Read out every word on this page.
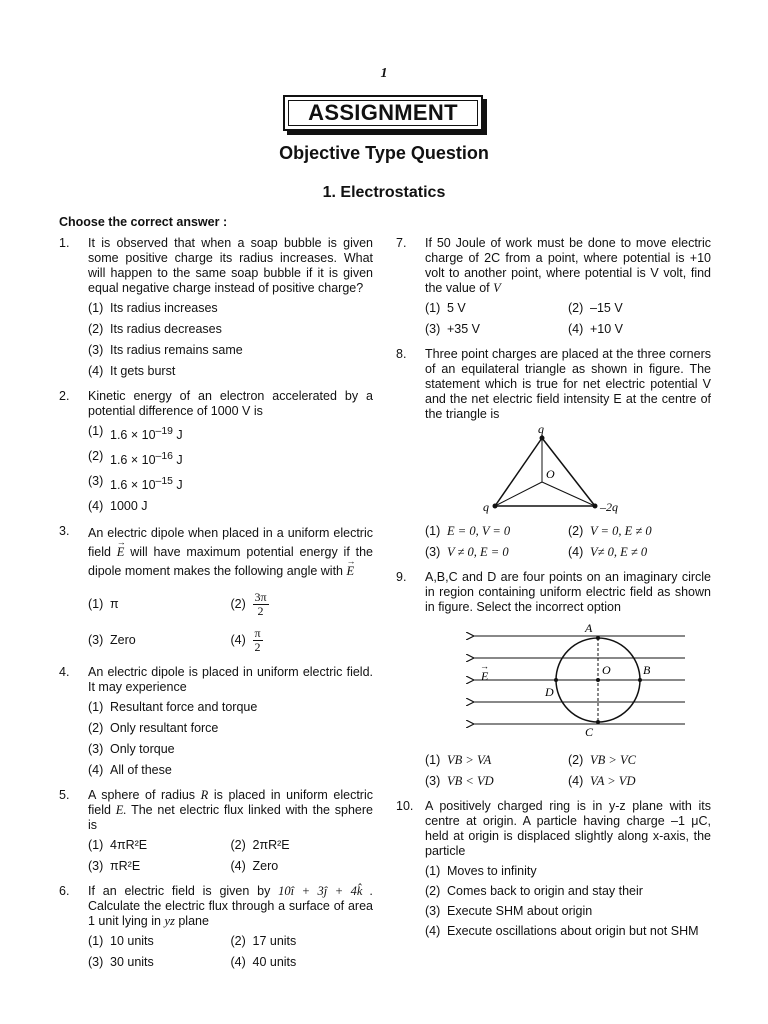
1
ASSIGNMENT
Objective Type Question
1. Electrostatics
Choose the correct answer :
1. It is observed that when a soap bubble is given some positive charge its radius increases. What will happen to the same soap bubble if it is given equal negative charge instead of positive charge?
(1) Its radius increases
(2) Its radius decreases
(3) Its radius remains same
(4) It gets burst
2. Kinetic energy of an electron accelerated by a potential difference of 1000 V is
(1) $1.6 \times 10^{-19}$ J
(2) $1.6 \times 10^{-16}$ J
(3) $1.6 \times 10^{-15}$ J
(4) 1000 J
3. An electric dipole when placed in a uniform electric field → E will have maximum potential energy if the dipole moment makes the following angle with → E
(1) π	$(2) \frac{3\pi}{2}$
(3) Zero	$(4) \frac{\pi}{2}$
4. An electric dipole is placed in uniform electric field. It may experience
(1) Resultant force and torque
(2) Only resultant force
(3) Only torque
(4) All of these
5. A sphere of radius R is placed in uniform electric field E. The net electric flux linked with the sphere is
(1) 4πR²E	(2) 2πR²E
(3) πR²E	(4) Zero
6. If an electric field is given by 10î + 3ĵ + 4k̂ . Calculate the electric flux through a surface of area 1 unit lying in yz plane
(1) 10 units	(2) 17 units
(3) 30 units	(4) 40 units
7. If 50 Joule of work must be done to move electric charge of 2C from a point, where potential is +10 volt to another point, where potential is V volt, find the value of V
(1) 5 V	(2) –15 V
(3) +35 V	(4) +10 V
8. Three point charges are placed at the three corners of an equilateral triangle as shown in figure. The statement which is true for net electric potential V and the net electric field intensity E at the centre of the triangle is
q
q	–2q
O
(1) E = 0, V = 0	(2) V = 0, E ≠ 0
(3) V ≠ 0, E = 0	(4) V≠ 0, E ≠ 0
9. A,B,C and D are four points on an imaginary circle in region containing uniform electric field as shown in figure. Select the incorrect option
A
B
C
D
O
E
→
(1) VB > VA	(2) VB > VC
(3) VB < VD	(4) VA > VD
10. A positively charged ring is in y-z plane with its centre at origin. A particle having charge –1 μC, held at origin is displaced slightly along x-axis, the particle
(1) Moves to infinity
(2) Comes back to origin and stay their
(3) Execute SHM about origin
(4) Execute oscillations about origin but not SHM
